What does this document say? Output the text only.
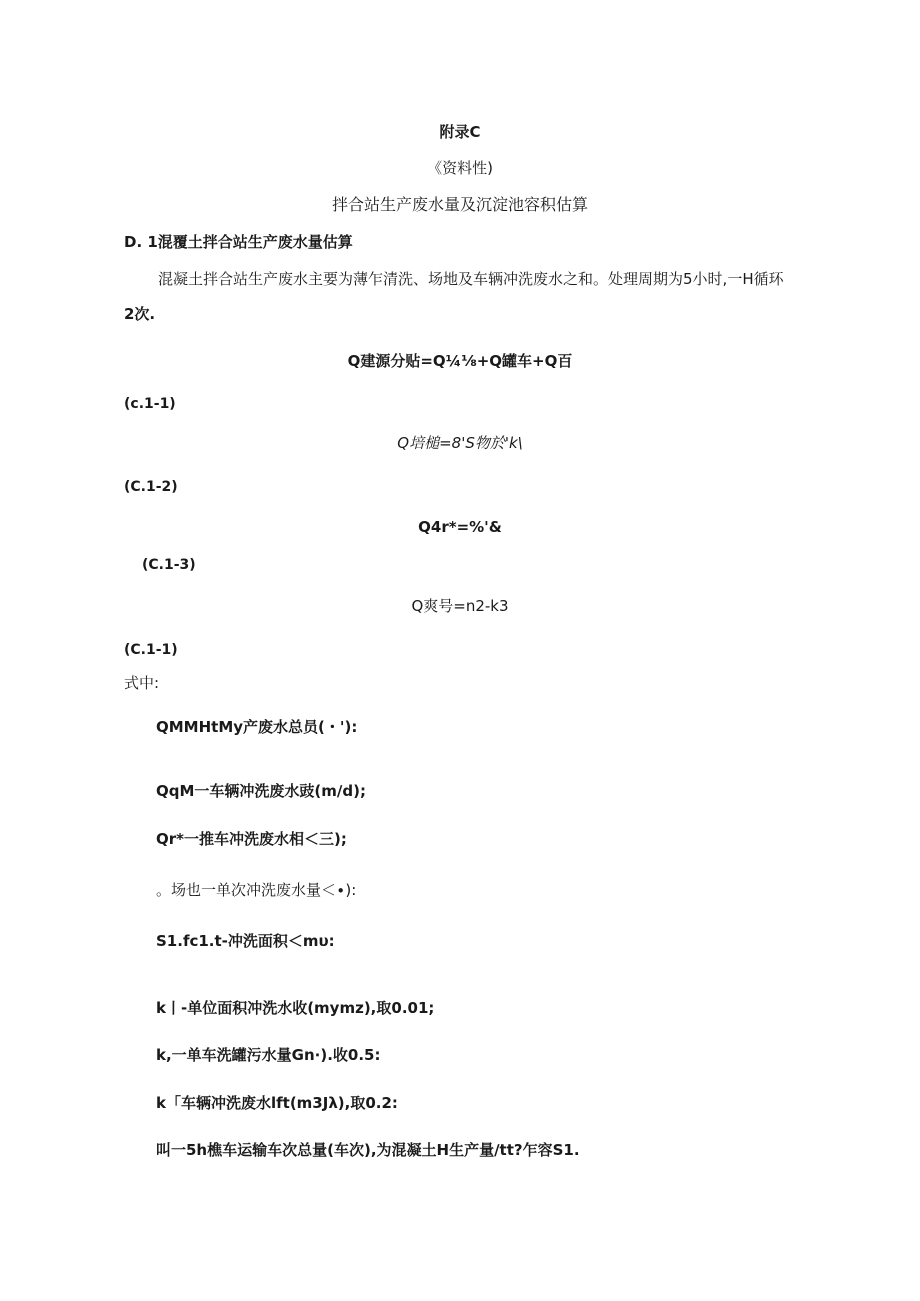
附录C
《资料性)
拌合站生产废水量及沉淀池容积估算
D. 1混覆土拌合站生产废水量估算
混凝土拌合站生产废水主要为薄乍清洗、场地及车辆冲洗废水之和。处理周期为5小时,一H循环
2次.
Q建源分贴=Q¼⅛+Q罐车+Q百
(c.1-1)
Q培槌=8'S物於'k\
(C.1-2)
Q4r*=%'&
(C.1-3)
Q爽号=n2-k3
(C.1-1)
式中:
QMMHtMy产废水总员(・'):
QqM一车辆冲洗废水豉(m∕d);
Qr*一推车冲洗废水相＜三);
。场也一单次冲洗废水量＜∙):
S1.fc1.t-冲洗面积＜mυ:
k丨-单位面积冲洗水收(mymz),取0.01;
k,一单车洗罐污水量Gn∙).收0.5:
k「车辆冲洗废水lft(m3Jλ),取0.2:
叫一5h樵车运输车次总量(车次),为混凝土H生产量∕tt?乍容S1.
